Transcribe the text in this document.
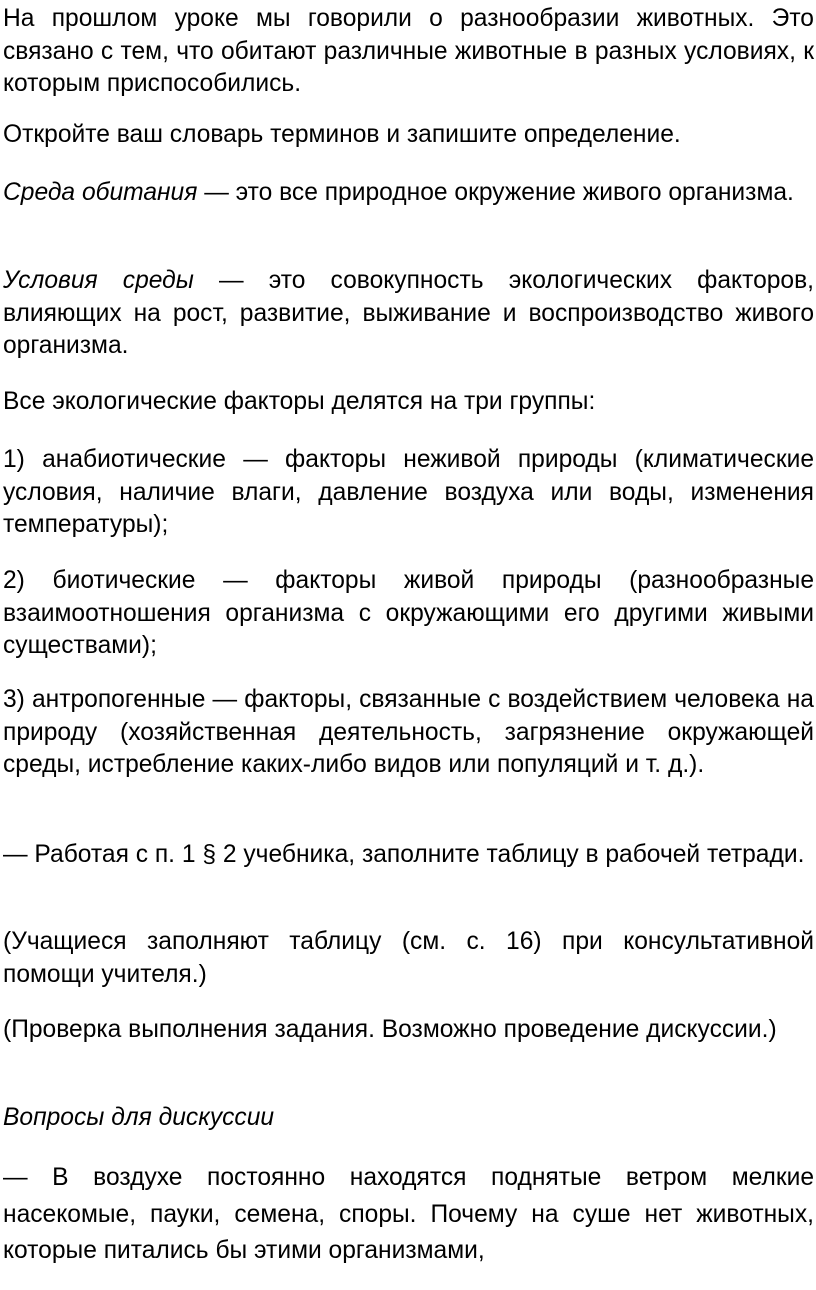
На прошлом уроке мы говорили о разнообразии животных. Это связано с тем, что обитают различные животные в разных условиях, к которым приспособились.

Откройте ваш словарь терминов и запишите определение.

Среда обитания — это все природное окружение живого организма.

Условия среды — это совокупность экологических факторов, влияющих на рост, развитие, выживание и воспроизводство живого организма.

Все экологические факторы делятся на три группы:

1) анабиотические — факторы неживой природы (климатические условия, наличие влаги, давление воздуха или воды, изменения температуры);

2) биотические — факторы живой природы (разнообразные взаимоотношения организма с окружающими его другими живыми существами);

3) антропогенные — факторы, связанные с воздействием человека на природу (хозяйственная деятельность, загрязнение окружающей среды, истребление каких-либо видов или популяций и т. д.).

— Работая с п. 1 § 2 учебника, заполните таблицу в рабочей тетради.

(Учащиеся заполняют таблицу (см. с. 16) при консультативной помощи учителя.)

(Проверка выполнения задания. Возможно проведение дискуссии.)

Вопросы для дискуссии

— В воздухе постоянно находятся поднятые ветром мелкие насекомые, пауки, семена, споры. Почему на суше нет животных, которые питались бы этими организмами,
